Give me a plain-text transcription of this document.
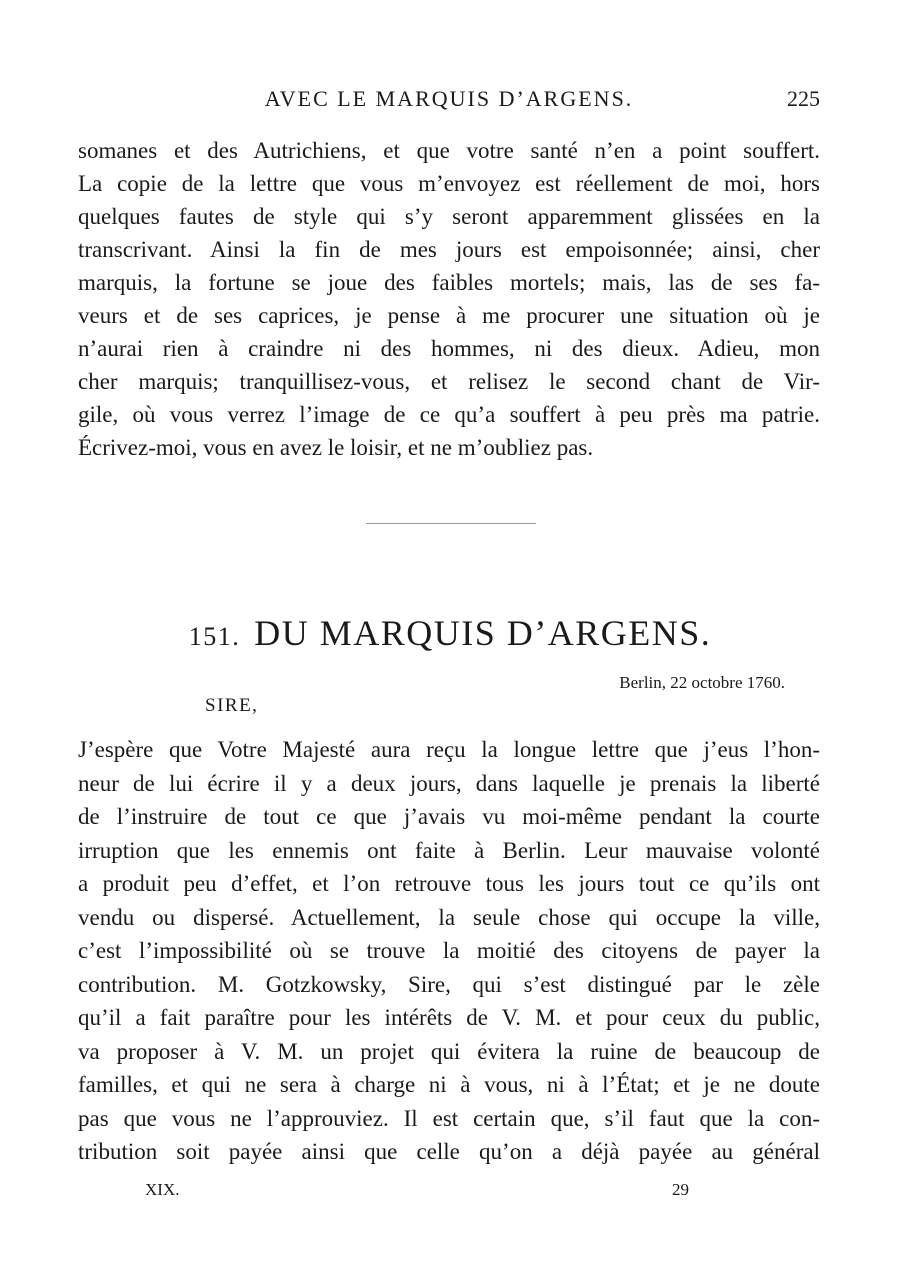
AVEC LE MARQUIS D’ARGENS.	225
somanes et des Autrichiens, et que votre santé n’en a point souffert.
La copie de la lettre que vous m’envoyez est réellement de moi, hors
quelques fautes de style qui s’y seront apparemment glissées en la
transcrivant. Ainsi la fin de mes jours est empoisonnée; ainsi, cher
marquis, la fortune se joue des faibles mortels; mais, las de ses fa-
veurs et de ses caprices, je pense à me procurer une situation où je
n’aurai rien à craindre ni des hommes, ni des dieux. Adieu, mon
cher marquis; tranquillisez-vous, et relisez le second chant de Vir-
gile, où vous verrez l’image de ce qu’a souffert à peu près ma patrie.
Écrivez-moi, vous en avez le loisir, et ne m’oubliez pas.
151. DU MARQUIS D’ARGENS.
Berlin, 22 octobre 1760.
SIRE,
J’espère que Votre Majesté aura reçu la longue lettre que j’eus l’hon-
neur de lui écrire il y a deux jours, dans laquelle je prenais la liberté
de l’instruire de tout ce que j’avais vu moi-même pendant la courte
irruption que les ennemis ont faite à Berlin. Leur mauvaise volonté
a produit peu d’effet, et l’on retrouve tous les jours tout ce qu’ils ont
vendu ou dispersé. Actuellement, la seule chose qui occupe la ville,
c’est l’impossibilité où se trouve la moitié des citoyens de payer la
contribution. M. Gotzkowsky, Sire, qui s’est distingué par le zèle
qu’il a fait paraître pour les intérêts de V. M. et pour ceux du public,
va proposer à V. M. un projet qui évitera la ruine de beaucoup de
familles, et qui ne sera à charge ni à vous, ni à l’État; et je ne doute
pas que vous ne l’approuviez. Il est certain que, s’il faut que la con-
tribution soit payée ainsi que celle qu’on a déjà payée au général
XIX.	29
